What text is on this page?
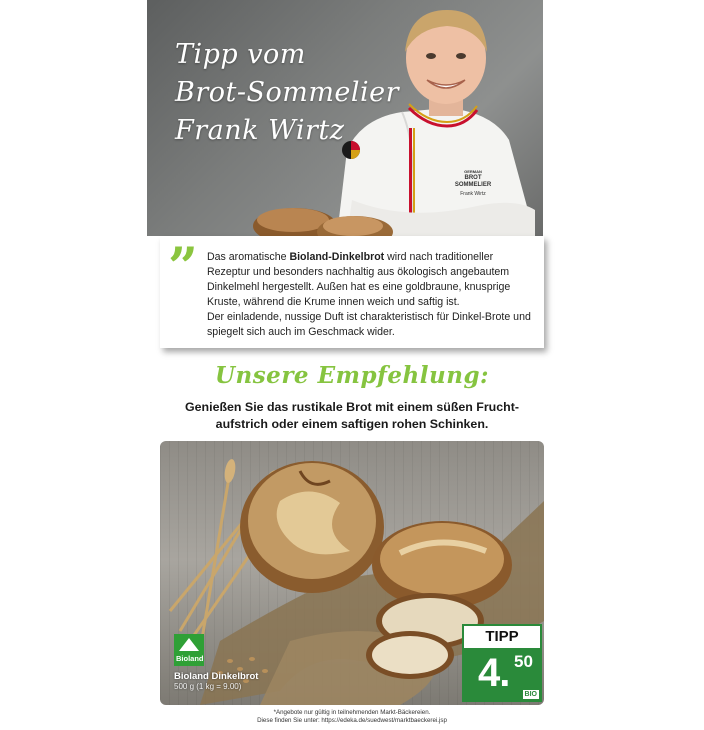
GERMAN
BROT
SOMMELIER
Frank Wirtz
Tipp vom
Brot-Sommelier
Frank Wirtz
” Das aromatische Bioland-Dinkelbrot wird nach traditioneller Rezeptur und besonders nachhaltig aus ökologisch angebautem Dinkelmehl hergestellt. Außen hat es eine goldbraune, knusprige Kruste, während die Krume innen weich und saftig ist.
Der einladende, nussige Duft ist charakteristisch für Dinkel-Brote und spiegelt sich auch im Geschmack wider.
Unsere Empfehlung:
Genießen Sie das rustikale Brot mit einem süßen Frucht-
aufstrich oder einem saftigen rohen Schinken.
Bioland
Bioland Dinkelbrot
500 g (1 kg = 9.00)
TIPP
4. 50
BIO
*Angebote nur gültig in teilnehmenden Markt-Bäckereien.
Diese finden Sie unter: https://edeka.de/suedwest/marktbaeckerei.jsp
